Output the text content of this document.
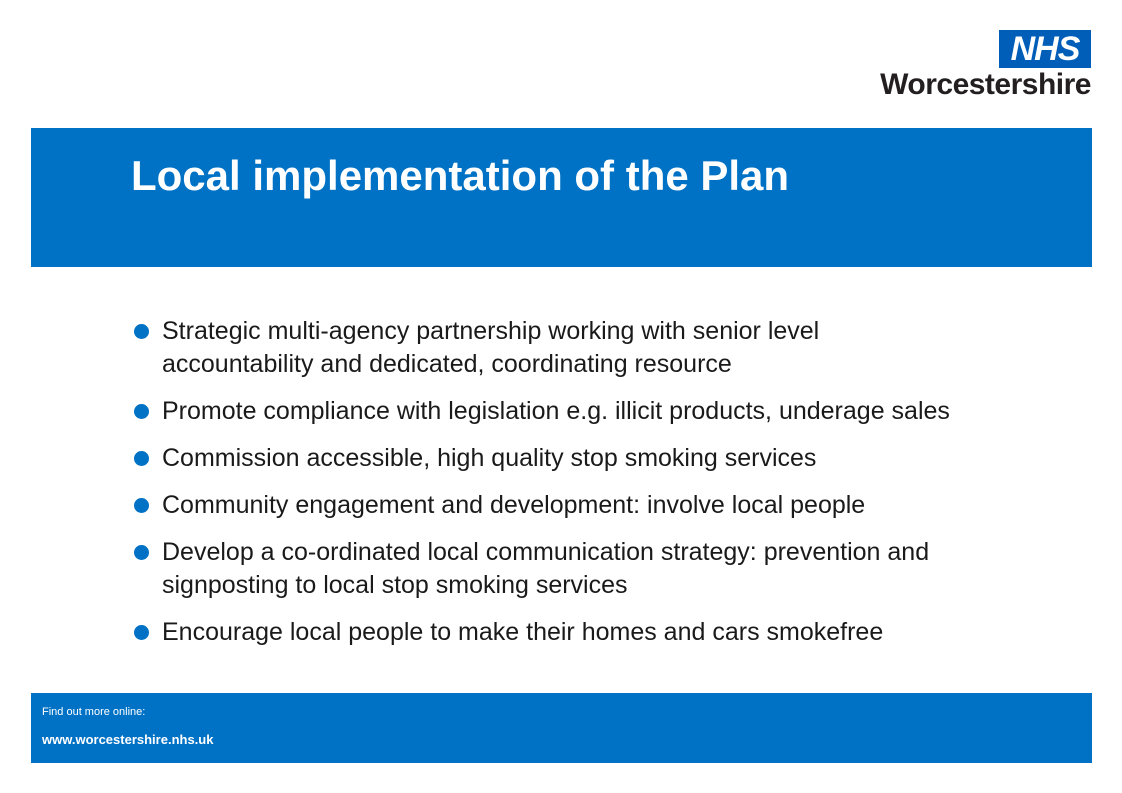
NHS
Worcestershire
Local implementation of the Plan
Strategic multi-agency partnership working with senior level
accountability and dedicated, coordinating resource
Promote compliance with legislation e.g. illicit products, underage sales
Commission accessible, high quality stop smoking services
Community engagement and development: involve local people
Develop a co-ordinated local communication strategy: prevention and
signposting to local stop smoking services
Encourage local people to make their homes and cars smokefree
Find out more online:
www.worcestershire.nhs.uk
